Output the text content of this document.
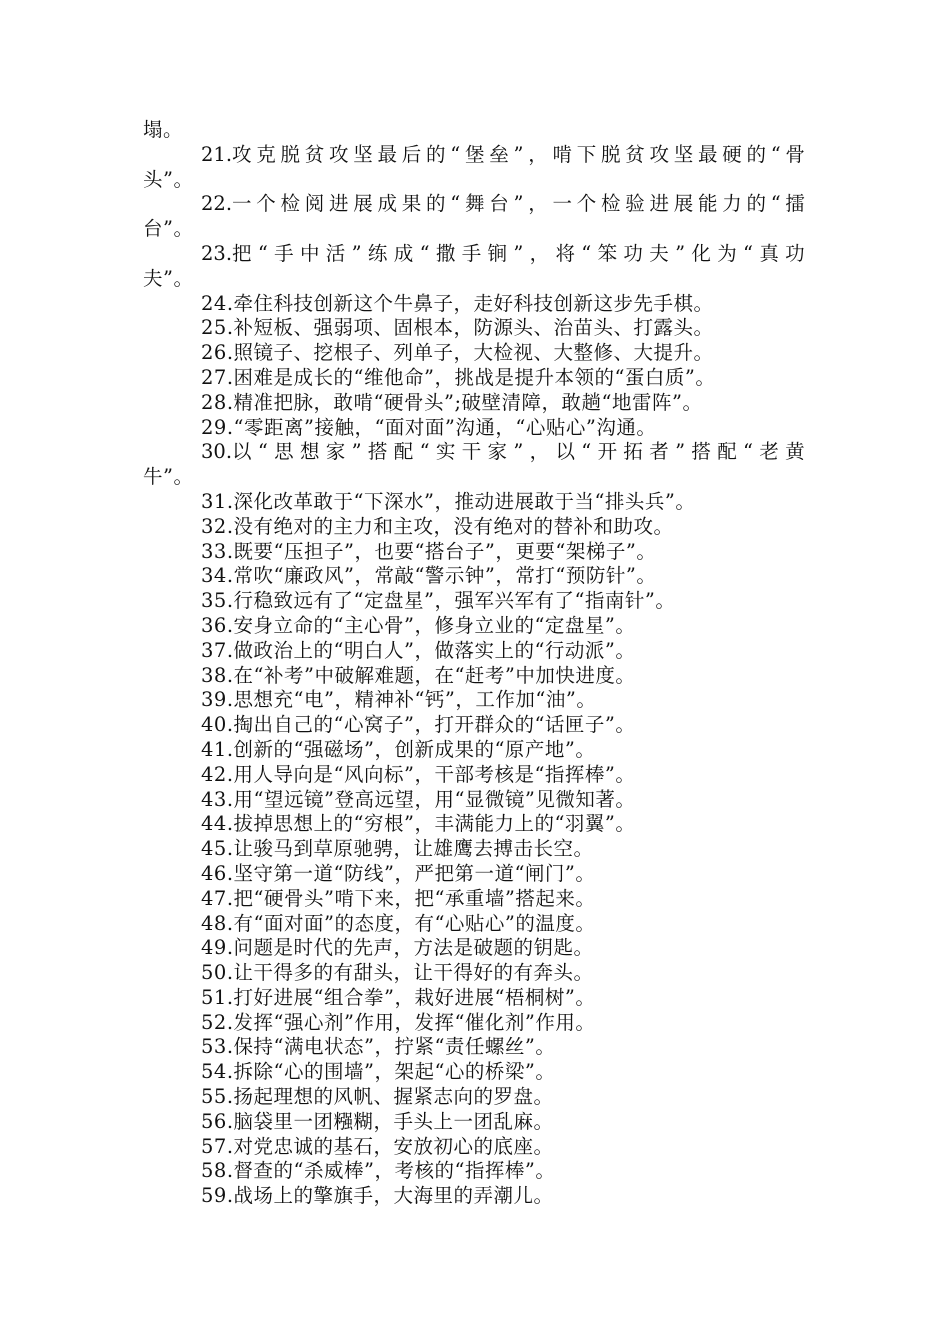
塌。
21.攻 克 脱 贫 攻 坚 最 后 的 “ 堡 垒 ” ， 啃 下 脱 贫 攻 坚 最 硬 的 “ 骨
头”。
22.一 个 检 阅 进 展 成 果 的 “ 舞 台 ” ， 一 个 检 验 进 展 能 力 的 “ 擂
台”。
23.把 “ 手 中 活 ” 练 成 “ 撒 手 锏 ” ， 将 “ 笨 功 夫 ” 化 为 “ 真 功
夫”。
24.牵住科技创新这个牛鼻子，走好科技创新这步先手棋。
25.补短板、强弱项、固根本，防源头、治苗头、打露头。
26.照镜子、挖根子、列单子，大检视、大整修、大提升。
27.困难是成长的“维他命”，挑战是提升本领的“蛋白质”。
28.精准把脉，敢啃“硬骨头”;破壁清障，敢趟“地雷阵”。
29.“零距离”接触，“面对面”沟通，“心贴心”沟通。
30.以 “ 思 想 家 ” 搭 配 “ 实 干 家 ” ， 以 “ 开 拓 者 ” 搭 配 “ 老 黄
牛”。
31.深化改革敢于“下深水”，推动进展敢于当“排头兵”。
32.没有绝对的主力和主攻，没有绝对的替补和助攻。
33.既要“压担子”，也要“搭台子”，更要“架梯子”。
34.常吹“廉政风”，常敲“警示钟”，常打“预防针”。
35.行稳致远有了“定盘星”，强军兴军有了“指南针”。
36.安身立命的“主心骨”，修身立业的“定盘星”。
37.做政治上的“明白人”，做落实上的“行动派”。
38.在“补考”中破解难题，在“赶考”中加快进度。
39.思想充“电”，精神补“钙”，工作加“油”。
40.掏出自己的“心窝子”，打开群众的“话匣子”。
41.创新的“强磁场”，创新成果的“原产地”。
42.用人导向是“风向标”，干部考核是“指挥棒”。
43.用“望远镜”登高远望，用“显微镜”见微知著。
44.拔掉思想上的“穷根”，丰满能力上的“羽翼”。
45.让骏马到草原驰骋，让雄鹰去搏击长空。
46.坚守第一道“防线”，严把第一道“闸门”。
47.把“硬骨头”啃下来，把“承重墙”搭起来。
48.有“面对面”的态度，有“心贴心”的温度。
49.问题是时代的先声，方法是破题的钥匙。
50.让干得多的有甜头，让干得好的有奔头。
51.打好进展“组合拳”，栽好进展“梧桐树”。
52.发挥“强心剂”作用，发挥“催化剂”作用。
53.保持“满电状态”，拧紧“责任螺丝”。
54.拆除“心的围墙”，架起“心的桥梁”。
55.扬起理想的风帆、握紧志向的罗盘。
56.脑袋里一团糨糊，手头上一团乱麻。
57.对党忠诚的基石，安放初心的底座。
58.督查的“杀威棒”，考核的“指挥棒”。
59.战场上的擎旗手，大海里的弄潮儿。
